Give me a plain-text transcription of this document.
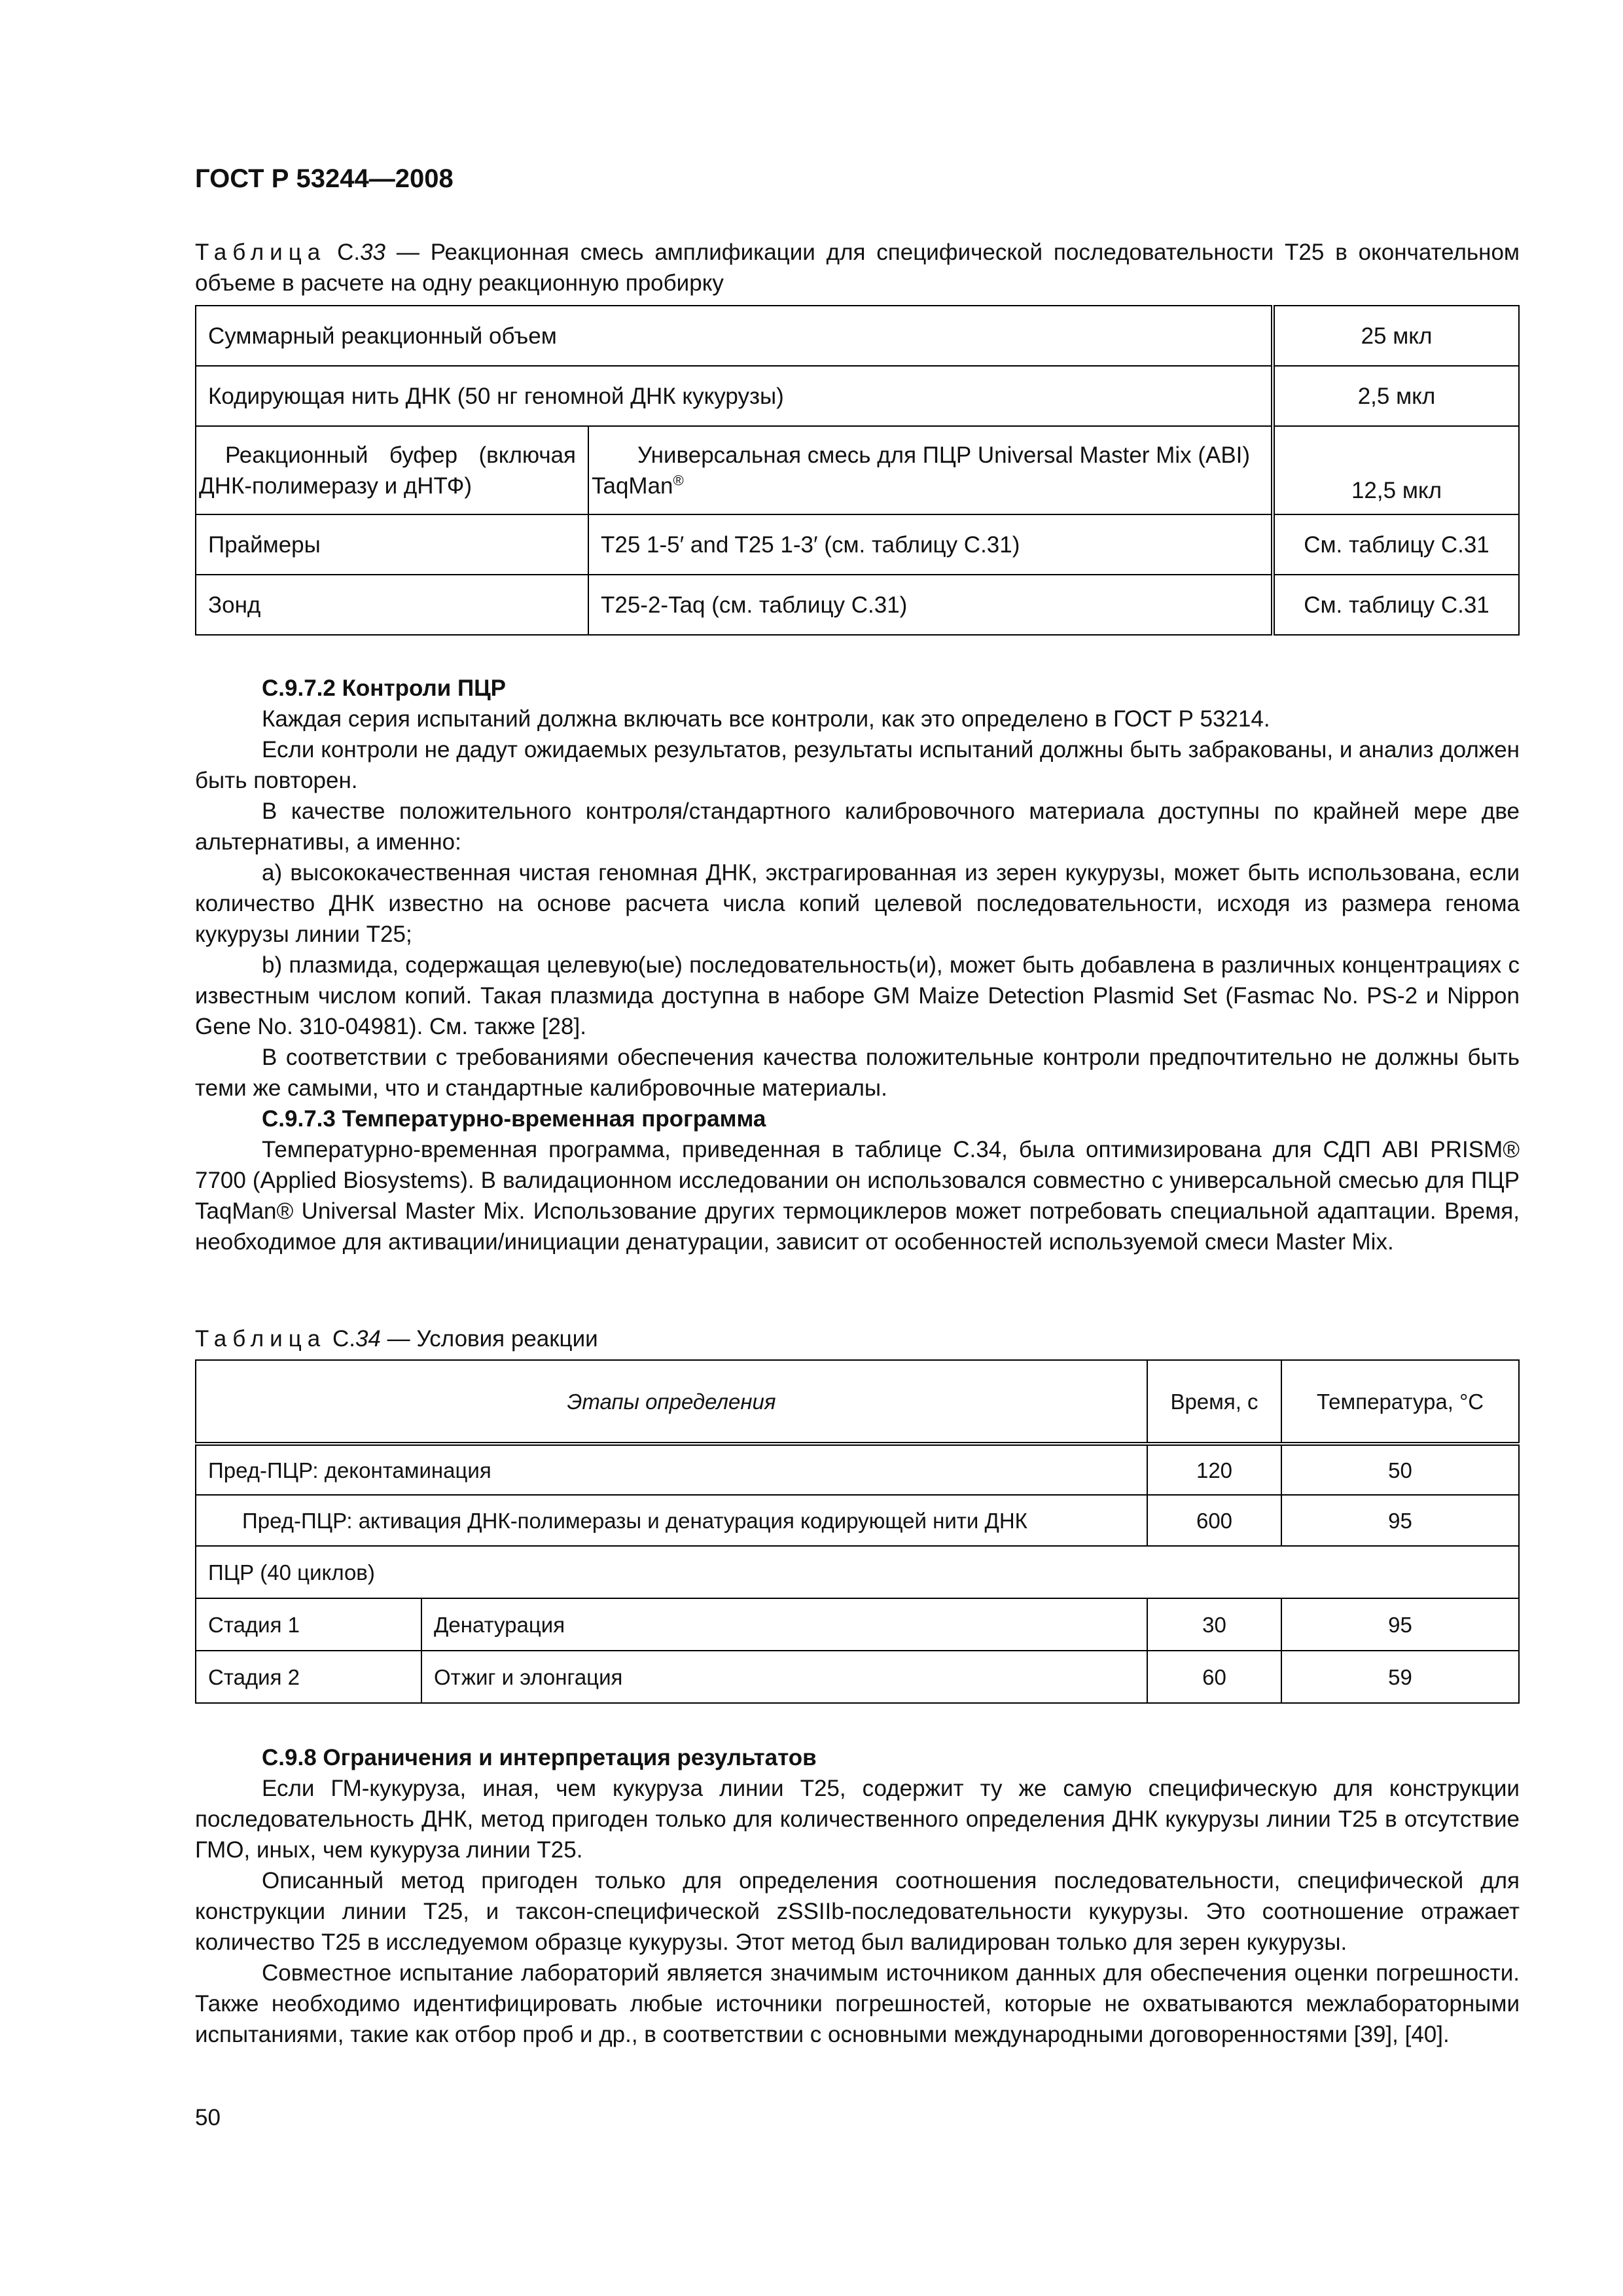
ГОСТ Р 53244—2008
Таблица С.33 — Реакционная смесь амплификации для специфической последовательности Т25 в окончательном объеме в расчете на одну реакционную пробирку
Суммарный реакционный объем		25 мкл
Кодирующая нить ДНК (50 нг геномной ДНК кукурузы)		2,5 мкл
Реакционный буфер (включая ДНК-полимеразу и дНТФ)	Универсальная смесь для ПЦР Universal Master Mix (ABI) TaqMan®	12,5 мкл
Праймеры	T25 1-5′ and T25 1-3′ (см. таблицу С.31)	См. таблицу С.31
Зонд	T25-2-Taq (см. таблицу С.31)	См. таблицу С.31
С.9.7.2 Контроли ПЦР

Каждая серия испытаний должна включать все контроли, как это определено в ГОСТ Р 53214.

Если контроли не дадут ожидаемых результатов, результаты испытаний должны быть забракованы, и анализ должен быть повторен.

В качестве положительного контроля/стандартного калибровочного материала доступны по крайней мере две альтернативы, а именно:

а) высококачественная чистая геномная ДНК, экстрагированная из зерен кукурузы, может быть использована, если количество ДНК известно на основе расчета числа копий целевой последовательности, исходя из размера генома кукурузы линии Т25;

b) плазмида, содержащая целевую(ые) последовательность(и), может быть добавлена в различных концентрациях с известным числом копий. Такая плазмида доступна в наборе GM Maize Detection Plasmid Set (Fasmac No. PS-2 и Nippon Gene No. 310-04981). См. также [28].

В соответствии с требованиями обеспечения качества положительные контроли предпочтительно не должны быть теми же самыми, что и стандартные калибровочные материалы.

С.9.7.3 Температурно-временная программа

Температурно-временная программа, приведенная в таблице С.34, была оптимизирована для СДП ABI PRISM® 7700 (Applied Biosystems). В валидационном исследовании он использовался совместно с универсальной смесью для ПЦР TaqMan® Universal Master Mix. Использование других термоциклеров может потребовать специальной адаптации. Время, необходимое для активации/инициации денатурации, зависит от особенностей используемой смеси Master Mix.

Таблица С.34 — Условия реакции
Этапы определения		Время, с	Температура, °С
Пред-ПЦР: деконтаминация		120	50
Пред-ПЦР: активация ДНК-полимеразы и денатурация кодирующей нити ДНК		600	95
ПЦР (40 циклов)			
Стадия 1	Денатурация	30	95
Стадия 2	Отжиг и элонгация	60	59
С.9.8 Ограничения и интерпретация результатов

Если ГМ-кукуруза, иная, чем кукуруза линии Т25, содержит ту же самую специфическую для конструкции последовательность ДНК, метод пригоден только для количественного определения ДНК кукурузы линии Т25 в отсутствие ГМО, иных, чем кукуруза линии Т25.

Описанный метод пригоден только для определения соотношения последовательности, специфической для конструкции линии Т25, и таксон-специфической zSSIIb-последовательности кукурузы. Это соотношение отражает количество Т25 в исследуемом образце кукурузы. Этот метод был валидирован только для зерен кукурузы.

Совместное испытание лабораторий является значимым источником данных для обеспечения оценки погрешности. Также необходимо идентифицировать любые источники погрешностей, которые не охватываются межлабораторными испытаниями, такие как отбор проб и др., в соответствии с основными международными договоренностями [39], [40].

50
